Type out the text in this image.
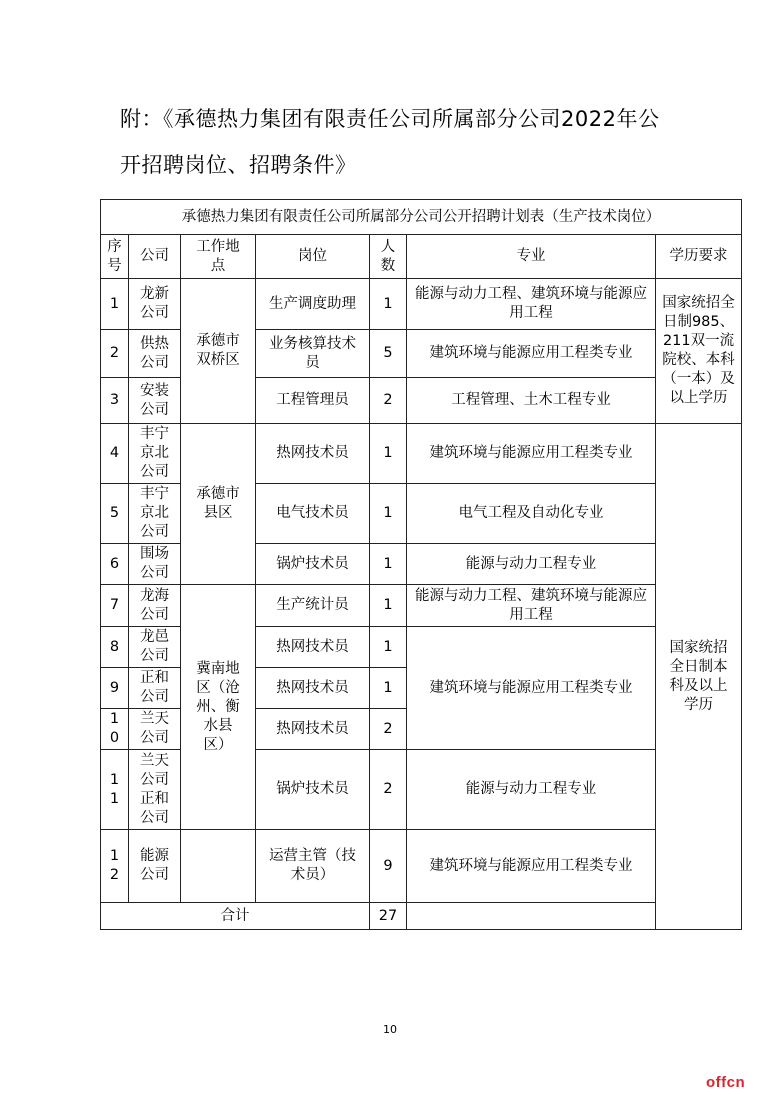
附：《承德热力集团有限责任公司所属部分公司2022年公
开招聘岗位、招聘条件》
承德热力集团有限责任公司所属部分公司公开招聘计划表（生产技术岗位）							
序号	公司	工作地点	岗位	人数	专业	学历要求	
1	龙新公司	承德市双桥区	生产调度助理	1	能源与动力工程、建筑环境与能源应用工程	国家统招全日制985、211双一流院校、本科（一本）及以上学历	
2	供热公司		业务核算技术员	5	建筑环境与能源应用工程类专业		
3	安装公司		工程管理员	2	工程管理、土木工程专业		
4	丰宁京北公司	承德市县区	热网技术员	1	建筑环境与能源应用工程类专业	国家统招全日制本科及以上学历	
5	丰宁京北公司		电气技术员	1	电气工程及自动化专业		
6	围场公司		锅炉技术员	1	能源与动力工程专业		
7	龙海公司	冀南地区（沧州、衡水县区）	生产统计员	1	能源与动力工程、建筑环境与能源应用工程		
8	龙邑公司		热网技术员	1	建筑环境与能源应用工程类专业		
9	正和公司		热网技术员	1			
10	兰天公司		热网技术员	2			
11	兰天公司正和公司		锅炉技术员	2	能源与动力工程专业		
12	能源公司		运营主管（技术员）	9	建筑环境与能源应用工程类专业		
合计				27			
10
offcn
